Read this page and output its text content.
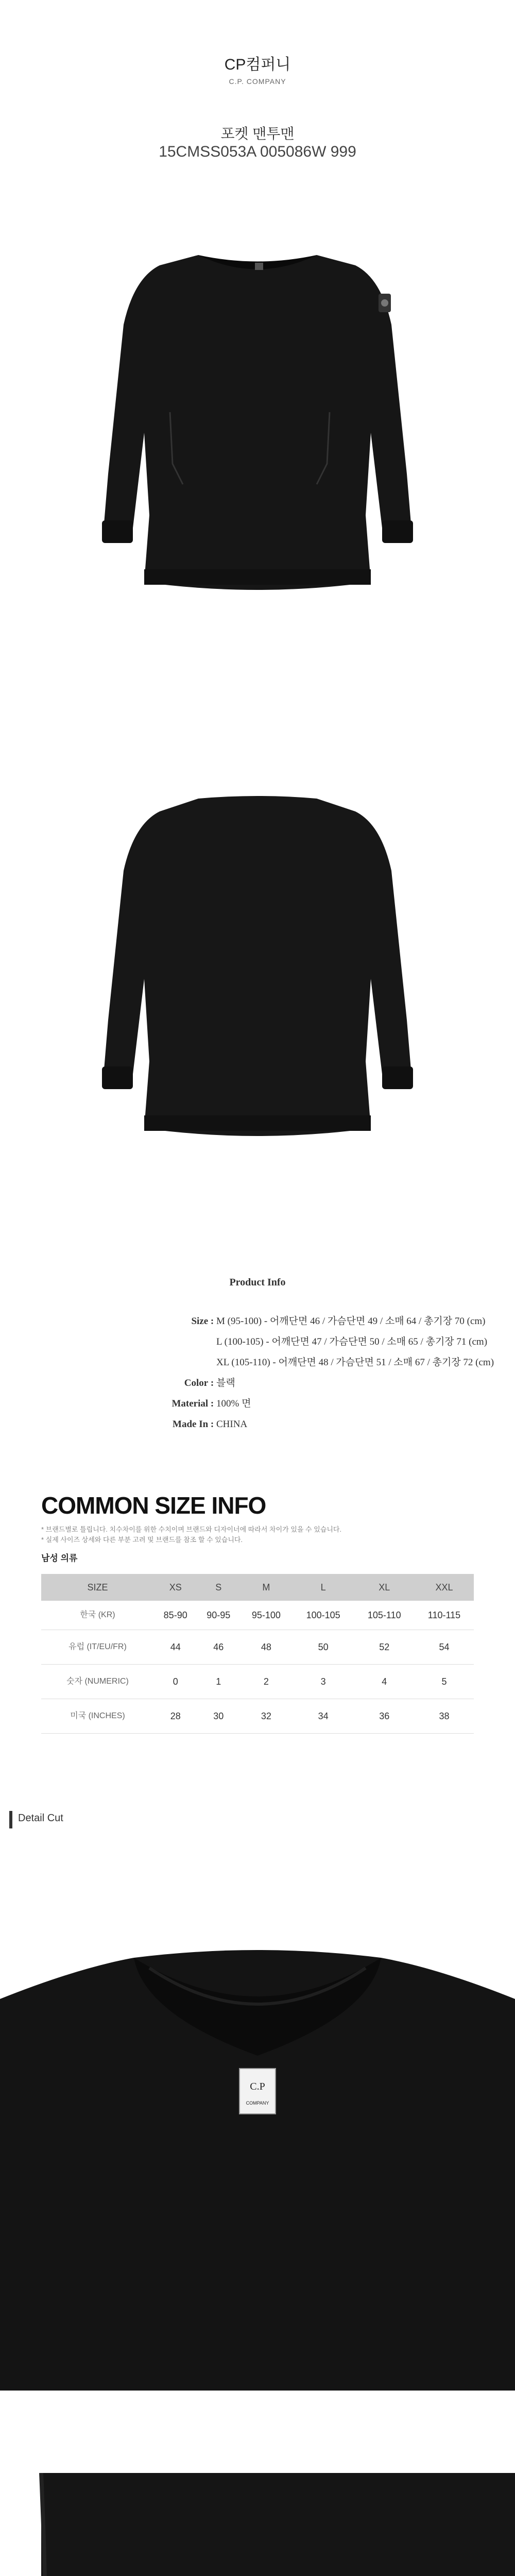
CP컴퍼니
C.P. COMPANY
포켓 맨투맨
15CMSS053A 005086W 999
Product Info
Size : M (95-100) - 어깨단면 46 / 가슴단면 49 / 소매 64 / 총기장 70 (cm)
L (100-105) - 어깨단면 47 / 가슴단면 50 / 소매 65 / 총기장 71 (cm)
XL (105-110) - 어깨단면 48 / 가슴단면 51 / 소매 67 / 총기장 72 (cm)
Color : 블랙
Material : 100% 면
Made In : CHINA
COMMON SIZE INFO
* 브랜드별로 틀립니다. 치수차이를 위한 수치이며 브랜드와 디자이너에 따라서 차이가 있을 수 있습니다.
* 실제 사이즈 상세와 다른 부분 고려 및 브랜드를 참조 할 수 있습니다.
남성 의류
SIZE	XS	S	M	L	XL	XXL
한국 (KR)	85-90	90-95	95-100	100-105	105-110	110-115
유럽 (IT/EU/FR)	44	46	48	50	52	54
숫자 (NUMERIC)	0	1	2	3	4	5
미국 (INCHES)	28	30	32	34	36	38
Detail Cut
C.P
COMPANY
